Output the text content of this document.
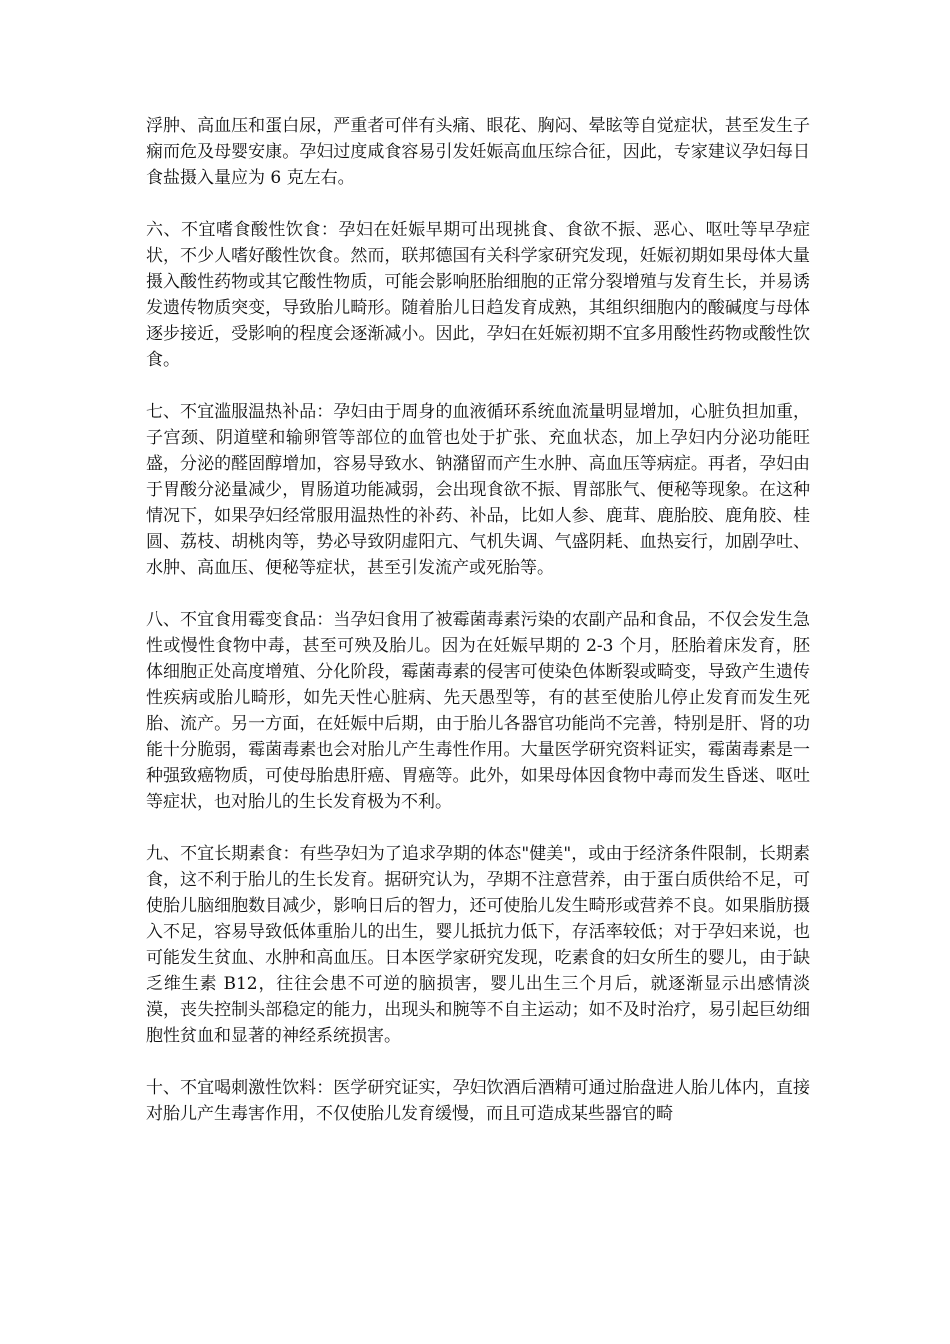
浮肿、高血压和蛋白尿，严重者可伴有头痛、眼花、胸闷、晕眩等自觉症状，甚至发生子痫而危及母婴安康。孕妇过度咸食容易引发妊娠高血压综合征，因此，专家建议孕妇每日食盐摄入量应为 6 克左右。

六、不宜嗜食酸性饮食：孕妇在妊娠早期可出现挑食、食欲不振、恶心、呕吐等早孕症状，不少人嗜好酸性饮食。然而，联邦德国有关科学家研究发现，妊娠初期如果母体大量摄入酸性药物或其它酸性物质，可能会影响胚胎细胞的正常分裂增殖与发育生长，并易诱发遗传物质突变，导致胎儿畸形。随着胎儿日趋发育成熟，其组织细胞内的酸碱度与母体逐步接近，受影响的程度会逐渐减小。因此，孕妇在妊娠初期不宜多用酸性药物或酸性饮食。

七、不宜滥服温热补品：孕妇由于周身的血液循环系统血流量明显增加，心脏负担加重，子宫颈、阴道壁和输卵管等部位的血管也处于扩张、充血状态，加上孕妇内分泌功能旺盛，分泌的醛固醇增加，容易导致水、钠潴留而产生水肿、高血压等病症。再者，孕妇由于胃酸分泌量减少，胃肠道功能减弱，会出现食欲不振、胃部胀气、便秘等现象。在这种情况下，如果孕妇经常服用温热性的补药、补品，比如人参、鹿茸、鹿胎胶、鹿角胶、桂圆、荔枝、胡桃肉等，势必导致阴虚阳亢、气机失调、气盛阴耗、血热妄行，加剧孕吐、水肿、高血压、便秘等症状，甚至引发流产或死胎等。

八、不宜食用霉变食品：当孕妇食用了被霉菌毒素污染的农副产品和食品，不仅会发生急性或慢性食物中毒，甚至可殃及胎儿。因为在妊娠早期的 2-3 个月，胚胎着床发育，胚体细胞正处高度增殖、分化阶段，霉菌毒素的侵害可使染色体断裂或畸变，导致产生遗传性疾病或胎儿畸形，如先天性心脏病、先天愚型等，有的甚至使胎儿停止发育而发生死胎、流产。另一方面，在妊娠中后期，由于胎儿各器官功能尚不完善，特别是肝、肾的功能十分脆弱，霉菌毒素也会对胎儿产生毒性作用。大量医学研究资料证实，霉菌毒素是一种强致癌物质，可使母胎患肝癌、胃癌等。此外，如果母体因食物中毒而发生昏迷、呕吐等症状，也对胎儿的生长发育极为不利。

九、不宜长期素食：有些孕妇为了追求孕期的体态"健美"，或由于经济条件限制，长期素食，这不利于胎儿的生长发育。据研究认为，孕期不注意营养，由于蛋白质供给不足，可使胎儿脑细胞数目减少，影响日后的智力，还可使胎儿发生畸形或营养不良。如果脂肪摄入不足，容易导致低体重胎儿的出生，婴儿抵抗力低下，存活率较低；对于孕妇来说，也可能发生贫血、水肿和高血压。日本医学家研究发现，吃素食的妇女所生的婴儿，由于缺乏维生素 B12，往往会患不可逆的脑损害，婴儿出生三个月后，就逐渐显示出感情淡漠，丧失控制头部稳定的能力，出现头和腕等不自主运动；如不及时治疗，易引起巨幼细胞性贫血和显著的神经系统损害。

十、不宜喝刺激性饮料：医学研究证实，孕妇饮酒后酒精可通过胎盘进人胎儿体内，直接对胎儿产生毒害作用，不仅使胎儿发育缓慢，而且可造成某些器官的畸
